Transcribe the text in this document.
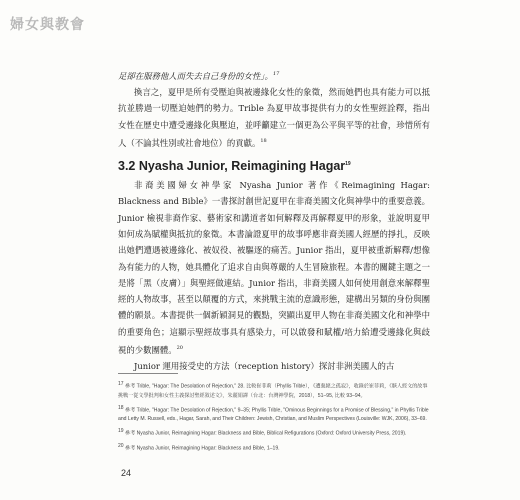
婦女與教會

足卻在服務他人而失去自己身份的女性」。$^{17}$

換言之，夏甲是所有受壓迫與被邊緣化女性的象徵，然而她們也具有能力可以抵抗並勝過一切壓迫她們的勢力。Trible 為夏甲故事提供有力的女性聖經詮釋，指出女性在歷史中遭受邊緣化與壓迫，並呼籲建立一個更為公平與平等的社會，珍惜所有人（不論其性別或社會地位）的貢獻。$^{18}$

3.2 Nyasha Junior, Reimagining Hagar$^{19}$

非裔美國婦女神學家 Nyasha Junior 著作《Reimagining Hagar: Blackness and Bible》一書探討創世記夏甲在非裔美國文化與神學中的重要意義。Junior 檢視非裔作家、藝術家和講道者如何解釋及再解釋夏甲的形象，並說明夏甲如何成為賦權與抵抗的象徵。本書論證夏甲的故事呼應非裔美國人經歷的掙扎，反映出她們遭遇被邊緣化、被奴役、被驅逐的痛苦。Junior 指出，夏甲被重新解釋/想像為有能力的人物，她具體化了追求自由與尊嚴的人生冒險旅程。本書的關鍵主題之一是將「黑（皮膚）」與聖經做連結。Junior 指出，非裔美國人如何使用創意來解釋聖經的人物故事，甚至以顛覆的方式，來挑戰主流的意識形態，建構出另類的身份與團體的願景。本書提供一個新穎洞見的觀點，突顯出夏甲人物在非裔美國文化和神學中的重要角色；這顯示聖經故事具有感染力，可以啟發和賦權/培力給遭受邊緣化與歧視的少數團體。$^{20}$

Junior 運用接受史的方法（reception history）探討非洲美國人的古

17 參考 Trible, "Hagar: The Desolation of Rejection," 28. 比較崔菲莉（Phyllis Trible），《遭棄絕之孤寂》，收錄於崔菲莉，《駭人經文的故事挑戰一從文學批判和女性主義探討聖經敘述文》，朱麗娟譯（台北：台灣神學院，2018），51–95, 比較 93–94。

18 參考 Trible, "Hagar: The Desolation of Rejection," 9–35; Phyllis Trible, "Ominous Beginnings for a Promise of Blessing," in Phyllis Trible and Letty M. Russell, eds., Hagar, Sarah, and Their Children: Jewish, Christian, and Muslim Perspectives (Louisville: WJK, 2006), 33–69.

19 參考 Nyasha Junior, Reimagining Hagar: Blackness and Bible, Biblical Refigurations (Oxford: Oxford University Press, 2019).

20 參考 Nyasha Junior, Reimagining Hagar: Blackness and Bible, 1–19.

24
